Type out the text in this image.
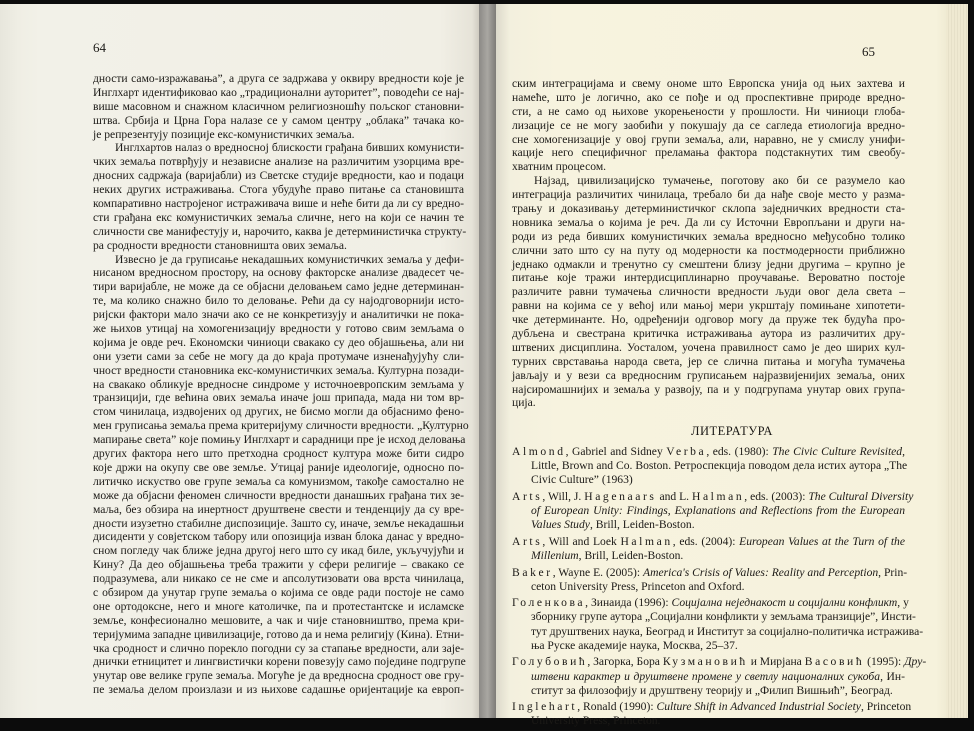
64
дности само-изражавања”, а друга се задржава у оквиру вредности које је
Инглхарт идентификовао као „традиционални ауторитет”, поводећи се нај-
више масовном и снажном класичном религиозношћу пољског становни-
штва. Србија и Црна Гора налазе се у самом центру „облака” тачака ко-
је репрезентују позиције екс-комунистичких земаља.
Инглхартов налаз о вредносној блискости грађана бивших комунисти-
чких земаља потврђују и независне анализе на различитим узорцима вре-
дносних садржаја (варијабли) из Светске студије вредности, као и подаци
неких других истраживања. Стога убудуће право питање са становишта
компаративно настројеног истраживача више и неће бити да ли су вредно-
сти грађана екс комунистичких земаља сличне, него на који се начин те
сличности све манифестују и, нарочито, каква је детерминистичка структу-
ра сродности вредности становништа ових земаља.
Извесно је да груписање некадашњих комунистичких земаља у дефи-
нисаном вредносном простору, на основу факторске анализе двадесет че-
тири варијабле, не може да се објасни деловањем само једне детерминан-
те, ма колико снажно било то деловање. Рећи да су најодговорнији исто-
ријски фактори мало значи ако се не конкретизују и аналитички не пока-
же њихов утицај на хомогенизацију вредности у готово свим земљама о
којима је овде реч. Економски чиниоци свакако су део објашњења, али ни
они узети сами за себе не могу да до краја протумаче изненађујућу сли-
чност вредности становника екс-комунистичких земаља. Културна позади-
на свакако обликује вредносне синдроме у источноевропским земљама у
транзицији, где већина ових земаља иначе још припада, мада ни том вр-
стом чинилаца, издвојених од других, не бисмо могли да објаснимо фено-
мен груписања земаља према критеријуму сличности вредности. „Културно
мапирање света” које помињу Инглхарт и сарадници пре је исход деловања
других фактора него што претходна сродност култура може бити сидро
које држи на окупу све ове земље. Утицај раније идеологије, односно по-
литичко искуство ове групе земаља са комунизмом, такође самостално не
може да објасни феномен сличности вредности данашњих грађана тих зе-
маља, без обзира на инертност друштвене свести и тенденцију да су вре-
дности изузетно стабилне диспозиције. Зашто су, иначе, земље некадашњи
дисиденти у совјетском табору или опозиција изван блока данас у вредно-
сном погледу чак ближе једна другој него што су икад биле, укључујући и
Кину? Да део објашњења треба тражити у сфери религије – свакако се
подразумева, али никако се не сме и апсолутизовати ова врста чинилаца,
с обзиром да унутар групе земаља о којима се овде ради постоје не само
оне ортодоксне, него и многе католичке, па и протестантске и исламске
земље, конфесионално мешовите, а чак и чије становништво, према кри-
теријумима западне цивилизације, готово да и нема религију (Кина). Етни-
чка сродност и слично порекло погодни су за стапање вредности, али зaje-
днички етницитет и лингвистички корени повезују само поједине подгрупе
унутар ове велике групе земаља. Могуће је да вредносна сродност ове гру-
пе земаља делом произлази и из њихове садашње оријентације ка европ-
65
ским интеграцијама и свему ономе што Европска унија од њих захтева и
намеће, што је логично, ако се пође и од проспективне природе вредно-
сти, а не само од њихове укорењености у прошлости. Ни чиниоци глоба-
лизације се не могу заобићи у покушају да се сагледа етиологија вредно-
сне хомогенизације у овој групи земаља, али, наравно, не у смислу унифи-
кације него специфичног преламања фактора подстакнутих тим свеобу-
хватним процесом.
Најзад, цивилизацијско тумачење, поготову ако би се разумело као
интеграција различитих чинилаца, требало би да нађе своје место у разма-
трању и доказивању детерминистичког склопа заједничких вредности ста-
новника земаља о којима је реч. Да ли су Источни Европљани и други на-
роди из реда бивших комунистичких земаља вредносно међусобно толико
слични зато што су на путу од модерности ка постмодерности приближно
једнако одмакли и тренутно су смештени близу једни другима – крупно је
питање које тражи интердисциплинарно проучавање. Вероватно постоје
различите равни тумачења сличности вредности људи овог дела света –
равни на којима се у већој или мањој мери укрштају помињане хипотети-
чке детерминанте. Но, одређенији одговор могу да пруже тек будућа про-
дубљена и свестрана критичка истраживања аутора из различитих дру-
штвених дисциплина. Уосталом, уочена правилност само је део ширих кул-
турних сврставања народа света, јер се слична питања и могућа тумачења
јављају и у вези са вредносним груписањем најразвијенијих земаља, оних
најсиромашнијих и земаља у развоју, па и у подгрупама унутар ових групa-
ција.
ЛИТЕРАТУРА
Almond, Gabriel and Sidney Verba, eds. (1980): The Civic Culture Revisited,
Little, Brown and Co. Boston. Ретроспекција поводом дела истих аутора „The
Civic Culture” (1963)
Arts, Will, J. Hagenaars and L. Halman, eds. (2003): The Cultural Diversity
of European Unity: Findings, Explanations and Reflections from the European
Values Study, Brill, Leiden-Boston.
Arts, Will and Loek Halman, eds. (2004): European Values at the Turn of the
Millenium, Brill, Leiden-Boston.
Baker, Wayne E. (2005): America's Crisis of Values: Reality and Perception, Prin-
ceton University Press, Princeton and Oxford.
Голенкова, Зинаида (1996): Социјална неједнакост и социјални конфликт, у
зборнику групе аутора „Социјални конфликти у земљама транзиције”, Инсти-
тут друштвених наука, Београд и Институт за социјално-политичка истражива-
ња Руске академије наука, Москва, 25–37.
Голубовић, Загорка, Бора Кузмановић и Мирјана Васовић (1995): Дру-
штвени карактер и друштвене промене у светлу националних сукоба, Ин-
ститут за филозофију и друштвену теорију и „Филип Вишњић”, Београд.
Inglehart, Ronald (1990): Culture Shift in Advanced Industrial Society, Princeton
University Press, Princeton.
